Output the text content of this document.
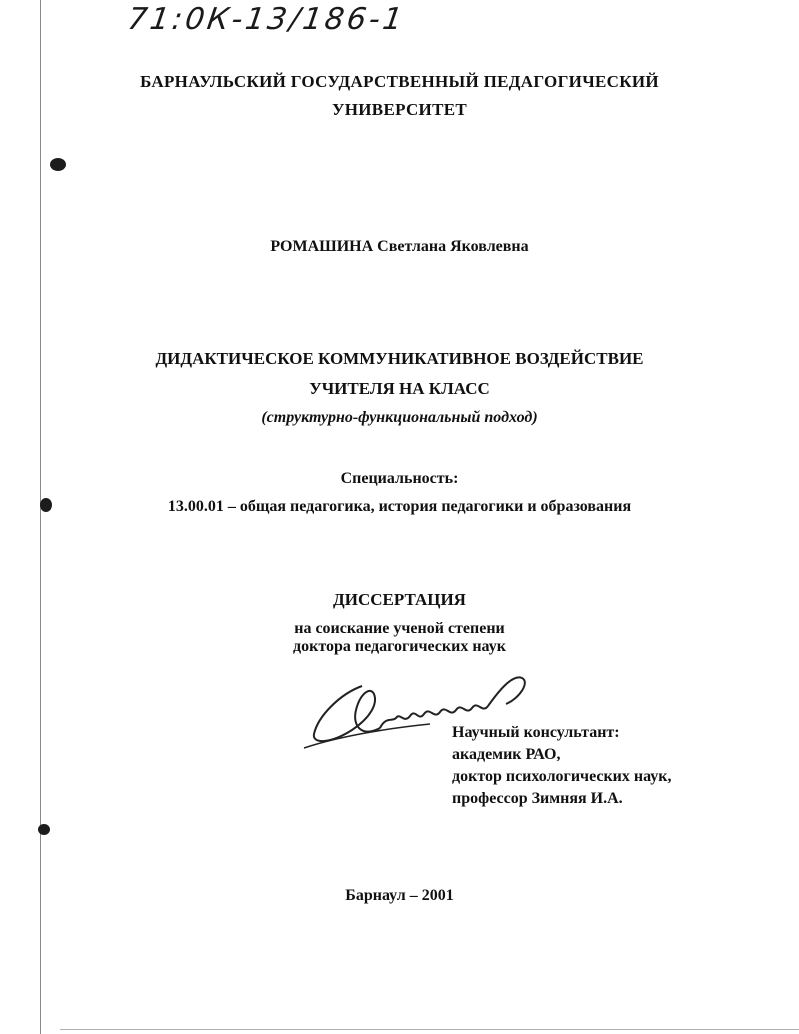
71:0К-13/186-1
БАРНАУЛЬСКИЙ ГОСУДАРСТВЕННЫЙ ПЕДАГОГИЧЕСКИЙ
УНИВЕРСИТЕТ
РОМАШИНА Светлана Яковлевна
ДИДАКТИЧЕСКОЕ КОММУНИКАТИВНОЕ ВОЗДЕЙСТВИЕ
УЧИТЕЛЯ НА КЛАСС
(структурно-функциональный подход)
Специальность:
13.00.01 – общая педагогика, история педагогики и образования
ДИССЕРТАЦИЯ
на соискание ученой степени
доктора педагогических наук
Научный консультант:
академик РАО,
доктор психологических наук,
профессор Зимняя И.А.
Барнаул – 2001
